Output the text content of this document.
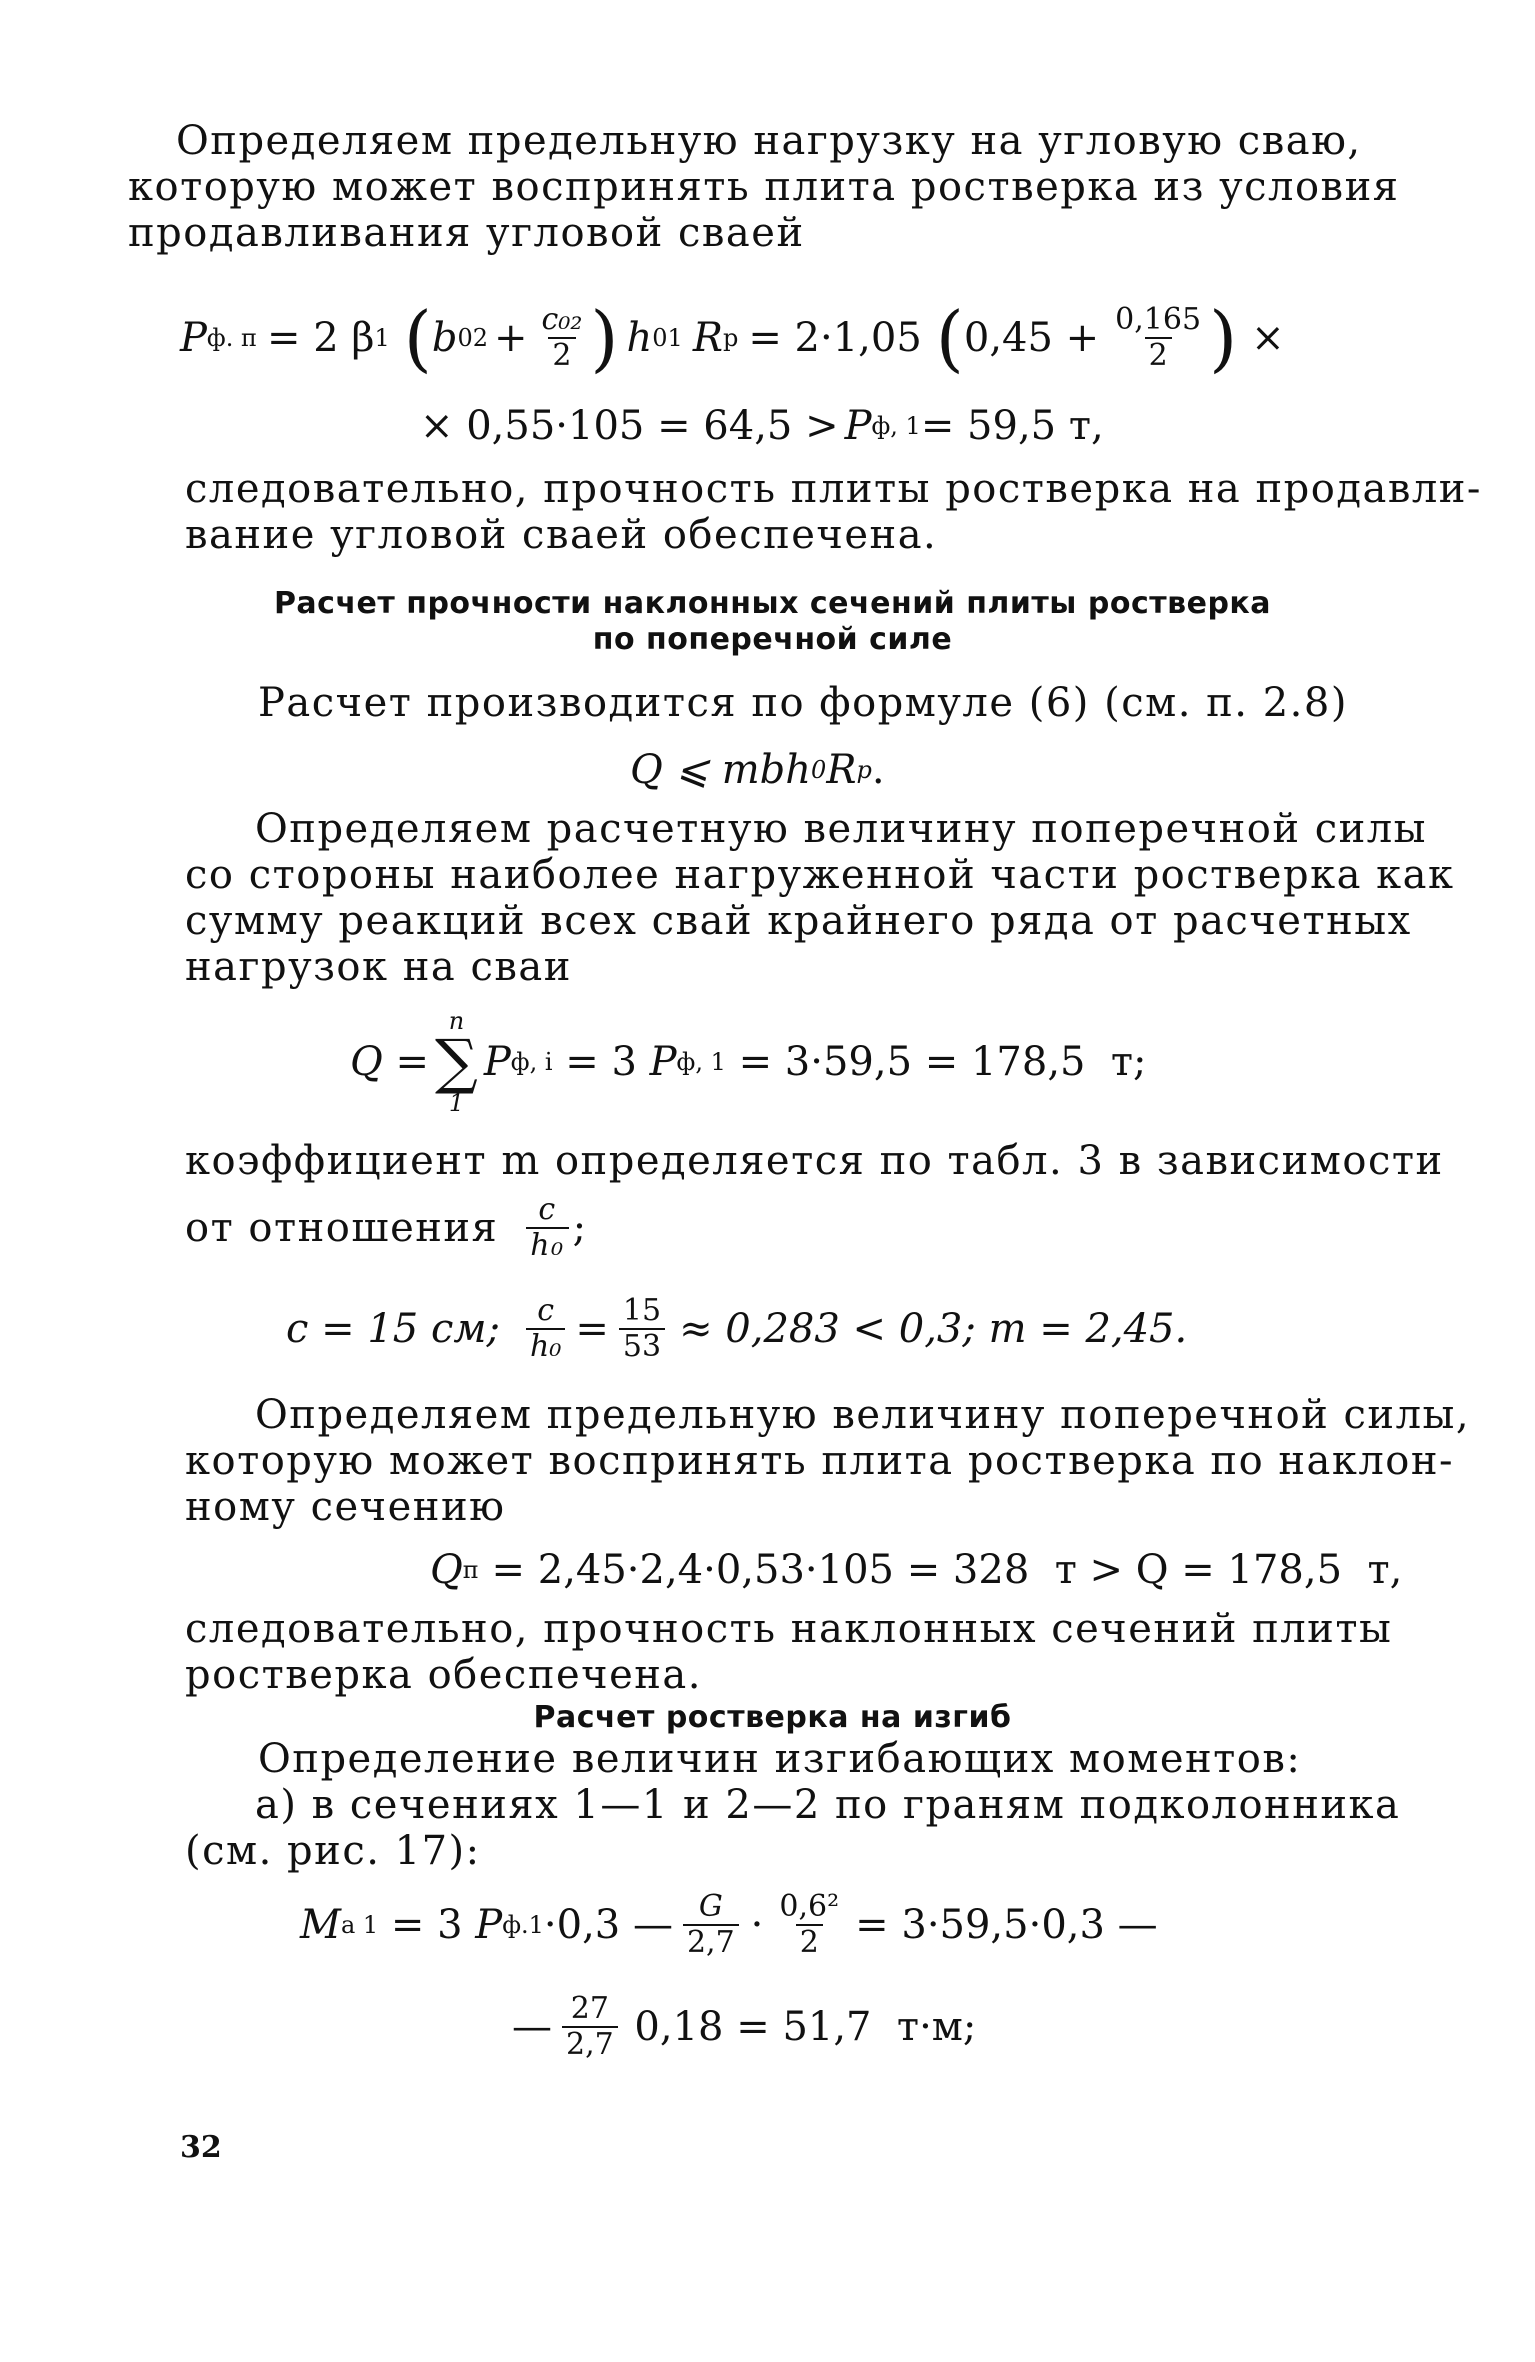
Определяем предельную нагрузку на угловую сваю,
которую может воспринять плита ростверка из условия
продавливания угловой сваей
P ф. п = 2 β 1 ( b $02 + \frac{\text{c₀₂}}{2}$ ) h 01 R р = 2·1,05 ( $0,45 + \frac{0,165}{2}$ ) ×
× 0,55·105 = 64,5 > P ф, 1 = 59,5 т,
следовательно, прочность плиты ростверка на продавли-
вание угловой сваей обеспечена.
Расчет прочности наклонных сечений плиты ростверка
по поперечной силе
Расчет производится по формуле (6) (см. п. 2.8)
Q ⩽ mbh 0 R р .
Определяем расчетную величину поперечной силы
со стороны наиболее нагруженной части ростверка как
сумму реакций всех свай крайнего ряда от расчетных
нагрузок на сваи
Q =
n
∑
1
P ф, i = 3 P ф, 1 = 3·59,5 = 178,5  т;
коэффициент m определяется по табл. 3 в зависимости
от отношения $\frac{c}{\text{h₀}}$ ;
c = 15 см; $\frac{c}{\text{h₀}} = \frac{15}{53} \approx 0,283 < 0,3$; m = 2,45.
Определяем предельную величину поперечной силы,
которую может воспринять плита ростверка по наклон-
ному сечению
Q п = 2,45·2,4·0,53·105 = 328  т > Q = 178,5  т,
следовательно, прочность наклонных сечений плиты
ростверка обеспечена.
Расчет ростверка на изгиб
Определение величин изгибающих моментов:
а) в сечениях 1—1 и 2—2 по граням подколонника
(см. рис. 17):
M а 1 = 3 P ф.1 ·0,3 — $\frac{G}{2,7} \cdot \frac{\text{0,6²}}{2} = 3\cdot 59,5\cdot 0,3$ —
— $\frac{27}{2,7} 0,18 = 51,7$  т·м;
32
